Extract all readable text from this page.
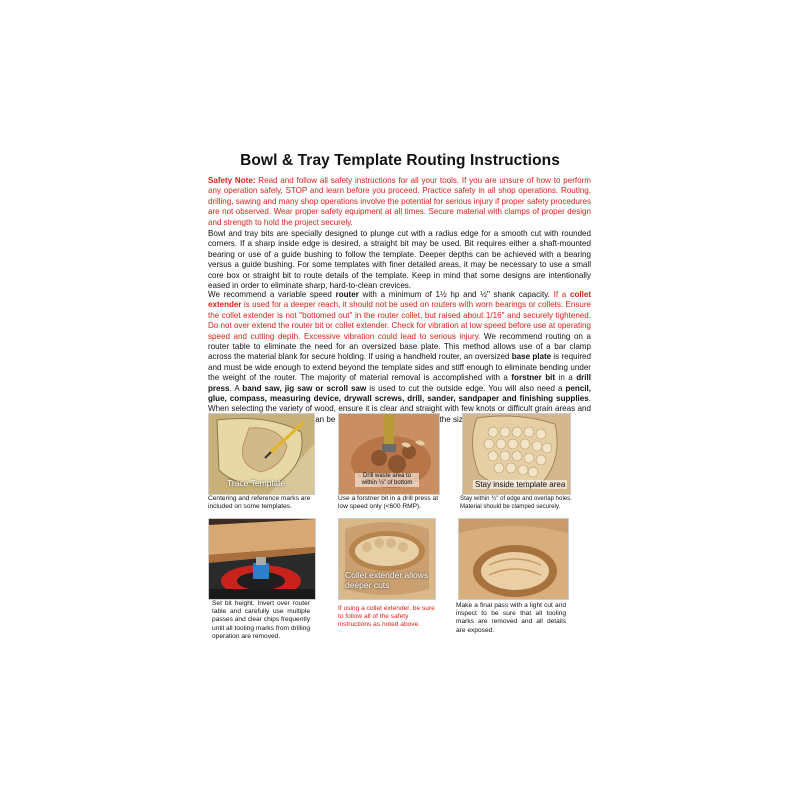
Bowl & Tray Template Routing Instructions

Safety Note: Read and follow all safety instructions for all your tools. If you are unsure of how to perform any operation safely, STOP and learn before you proceed. Practice safety in all shop operations. Routing, drilling, sawing and many shop operations involve the potential for serious injury if proper safety procedures are not observed. Wear proper safety equipment at all times. Secure material with clamps of proper design and strength to hold the project securely.

Bowl and tray bits are specially designed to plunge cut with a radius edge for a smooth cut with rounded corners. If a sharp inside edge is desired, a straight bit may be used. Bit requires either a shaft-mounted bearing or use of a guide bushing to follow the template. Deeper depths can be achieved with a bearing versus a guide bushing. For some templates with finer detailed areas, it may be necessary to use a small core box or straight bit to route details of the template. Keep in mind that some designs are intentionally eased in order to eliminate sharp, hard-to-clean crevices.

We recommend a variable speed router with a minimum of 1½ hp and ½" shank capacity. If a collet extender is used for a deeper reach, it should not be used on routers with worn bearings or collets. Ensure the collet extender is not "bottomed out" in the router collet, but raised about 1/16" and securely tightened. Do not over extend the router bit or collet extender. Check for vibration at low speed before use at operating speed and cutting depth. Excessive vibration could lead to serious injury. We recommend routing on a router table to eliminate the need for an oversized base plate. This method allows use of a bar clamp across the material blank for secure holding. If using a handheld router, an oversized base plate is required and must be wide enough to extend beyond the template sides and stiff enough to eliminate bending under the weight of the router. The majority of material removal is accomplished with a forstner bit in a drill press. A band saw, jig saw or scroll saw is used to cut the outside edge. You will also need a pencil, glue, compass, measuring device, drywall screws, drill, sander, sandpaper and finishing supplies. When selecting the variety of wood, ensure it is clear and straight with few knots or difficult grain areas and can be the size

Trace Template

Centering and reference marks are included on some templates.

Drill waste area to within ⅛" of bottom

Use a forstner bit in a drill press at low speed only (<600 RMP).

Stay inside template area

Stay within ¾" of edge and overlap holes. Material should be clamped securely.

Set bit height. Invert over router table and carefully use multiple passes and clear chips frequently until all tooling marks from drilling operation are removed.

Collet extender allows deeper cuts

If using a collet extender, be sure to follow all of the safety instructions as noted above.

Make a final pass with a light cut and inspect to be sure that all tooling marks are removed and all details are exposed.
